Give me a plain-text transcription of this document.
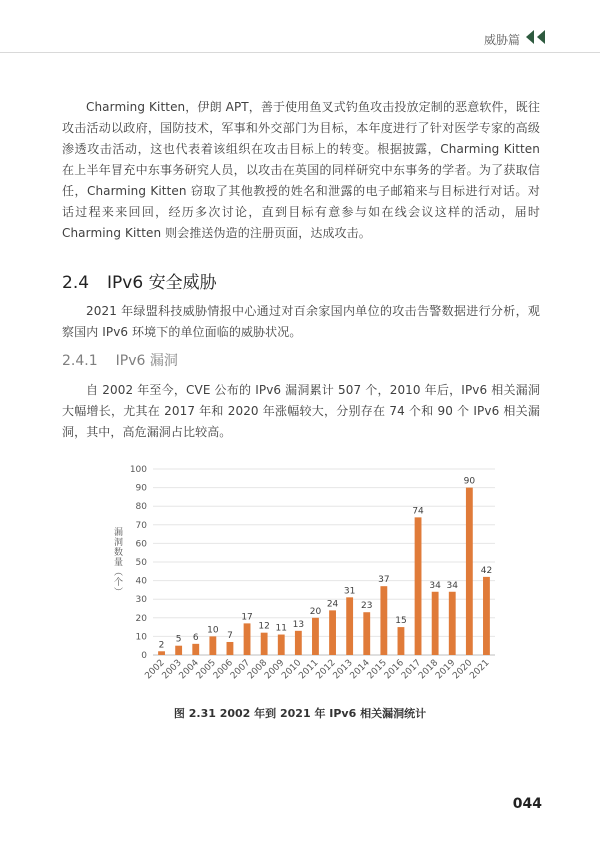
威胁篇

Charming Kitten，伊朗 APT，善于使用鱼叉式钓鱼攻击投放定制的恶意软件，既往攻击活动以政府，国防技术，军事和外交部门为目标，本年度进行了针对医学专家的高级渗透攻击活动，这也代表着该组织在攻击目标上的转变。根据披露，Charming Kitten 在上半年冒充中东事务研究人员，以攻击在英国的同样研究中东事务的学者。为了获取信任，Charming Kitten 窃取了其他教授的姓名和泄露的电子邮箱来与目标进行对话。对话过程来来回回，经历多次讨论，直到目标有意参与如在线会议这样的活动，届时 Charming Kitten 则会推送伪造的注册页面，达成攻击。

2.4 IPv6 安全威胁

2021 年绿盟科技威胁情报中心通过对百余家国内单位的攻击告警数据进行分析，观察国内 IPv6 环境下的单位面临的威胁状况。

2.4.1 IPv6 漏洞

自 2002 年至今，CVE 公布的 IPv6 漏洞累计 507 个，2010 年后，IPv6 相关漏洞大幅增长，尤其在 2017 年和 2020 年涨幅较大，分别存在 74 个和 90 个 IPv6 相关漏洞，其中，高危漏洞占比较高。

0
10
20
30
40
50
60
70
80
90
100
漏洞数量（个）
2
2002
5
2003
6
2004
10
2005
7
2006
17
2007
12
2008
11
2009
13
2010
20
2011
24
2012
31
2013
23
2014
37
2015
15
2016
74
2017
34
2018
34
2019
90
2020
42
2021
图 2.31 2002 年到 2021 年 IPv6 相关漏洞统计
044
